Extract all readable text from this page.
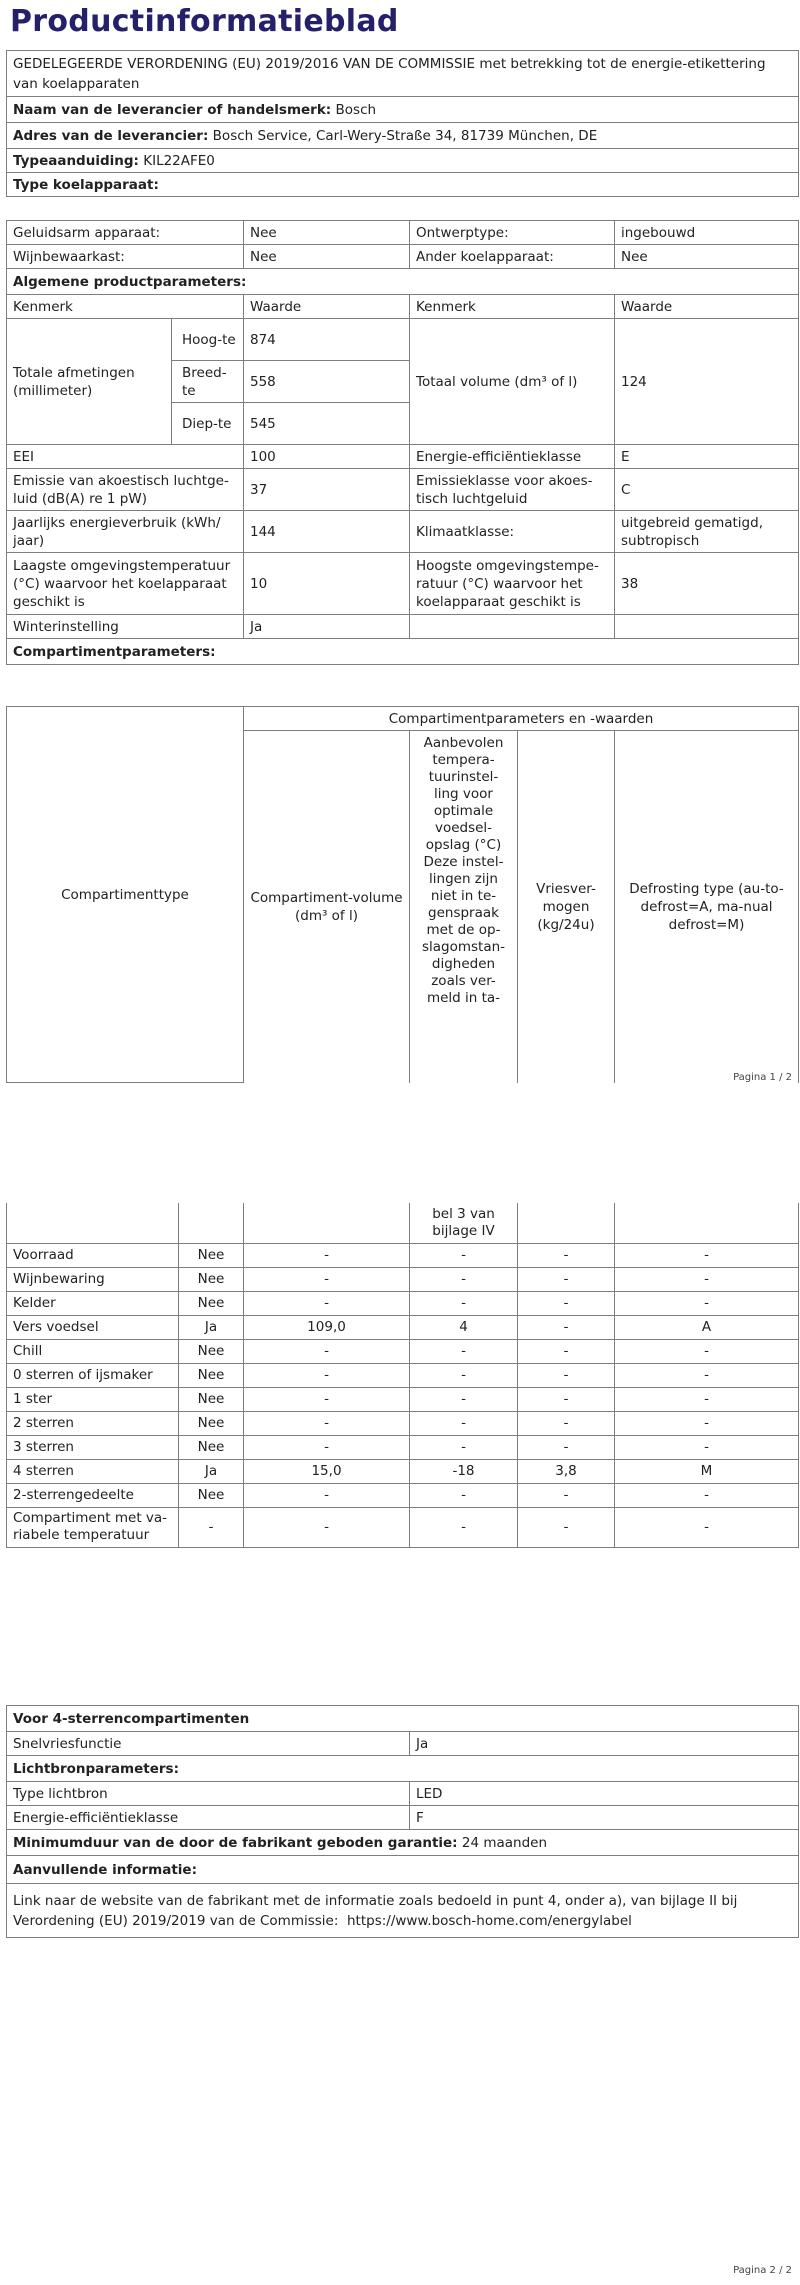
Productinformatieblad
GEDELEGEERDE VERORDENING (EU) 2019/2016 VAN DE COMMISSIE met betrekking tot de energie-etikettering van koelapparaten
Naam van de leverancier of handelsmerk: Bosch
Adres van de leverancier: Bosch Service, Carl-Wery-Straße 34, 81739 München, DE
Typeaanduiding: KIL22AFE0
Type koelapparaat:
Geluidsarm apparaat:	Nee	Ontwerptype:	ingebouwd
Wijnbewaarkast:	Nee	Ander koelapparaat:	Nee
Algemene productparameters:				
Kenmerk		Waarde	Kenmerk	Waarde
Totale afmetingen (millimeter)	Hoog-te	874	Totaal volume (dm³ of l)	124
	Breed-te	558		
	Diep-te	545		
EEI		100	Energie-efficiëntieklasse	E
Emissie van akoestisch luchtge-luid (dB(A) re 1 pW)		37	Emissieklasse voor akoes-tisch luchtgeluid	C
Jaarlijks energieverbruik (kWh/ jaar)		144	Klimaatklasse:	uitgebreid gematigd, subtropisch
Laagste omgevingstemperatuur (°C) waarvoor het koelapparaat geschikt is		10	Hoogste omgevingstempe-ratuur (°C) waarvoor het koelapparaat geschikt is	38
Winterinstelling		Ja		
Compartimentparameters:				
Compartimenttype	Compartimentparameters en -waarden			
	Compartiment-volume (dm³ of l)	Aanbevolen tempera-tuurinstel-ling voor optimale voedsel-opslag (°C) Deze instel-lingen zijn niet in te-genspraak met de op-slagomstan-digheden zoals ver-meld in ta-	Vriesver-mogen (kg/24u)	Defrosting type (au-to-defrost=A, ma-nual defrost=M)
Pagina 1 / 2
			bel 3 van bijlage IV		
Voorraad	Nee	-	-	-	-
Wijnbewaring	Nee	-	-	-	-
Kelder	Nee	-	-	-	-
Vers voedsel	Ja	109,0	4	-	A
Chill	Nee	-	-	-	-
0 sterren of ijsmaker	Nee	-	-	-	-
1 ster	Nee	-	-	-	-
2 sterren	Nee	-	-	-	-
3 sterren	Nee	-	-	-	-
4 sterren	Ja	15,0	-18	3,8	M
2-sterrengedeelte	Nee	-	-	-	-
Compartiment met va-riabele temperatuur	-	-	-	-	-
Voor 4-sterrencompartimenten	
Snelvriesfunctie	Ja
Lichtbronparameters:	
Type lichtbron	LED
Energie-efficiëntieklasse	F
Minimumduur van de door de fabrikant geboden garantie: 24 maanden	
Aanvullende informatie:	
Link naar de website van de fabrikant met de informatie zoals bedoeld in punt 4, onder a), van bijlage II bij Verordening (EU) 2019/2019 van de Commissie: https://www.bosch-home.com/energylabel	
Pagina 2 / 2
